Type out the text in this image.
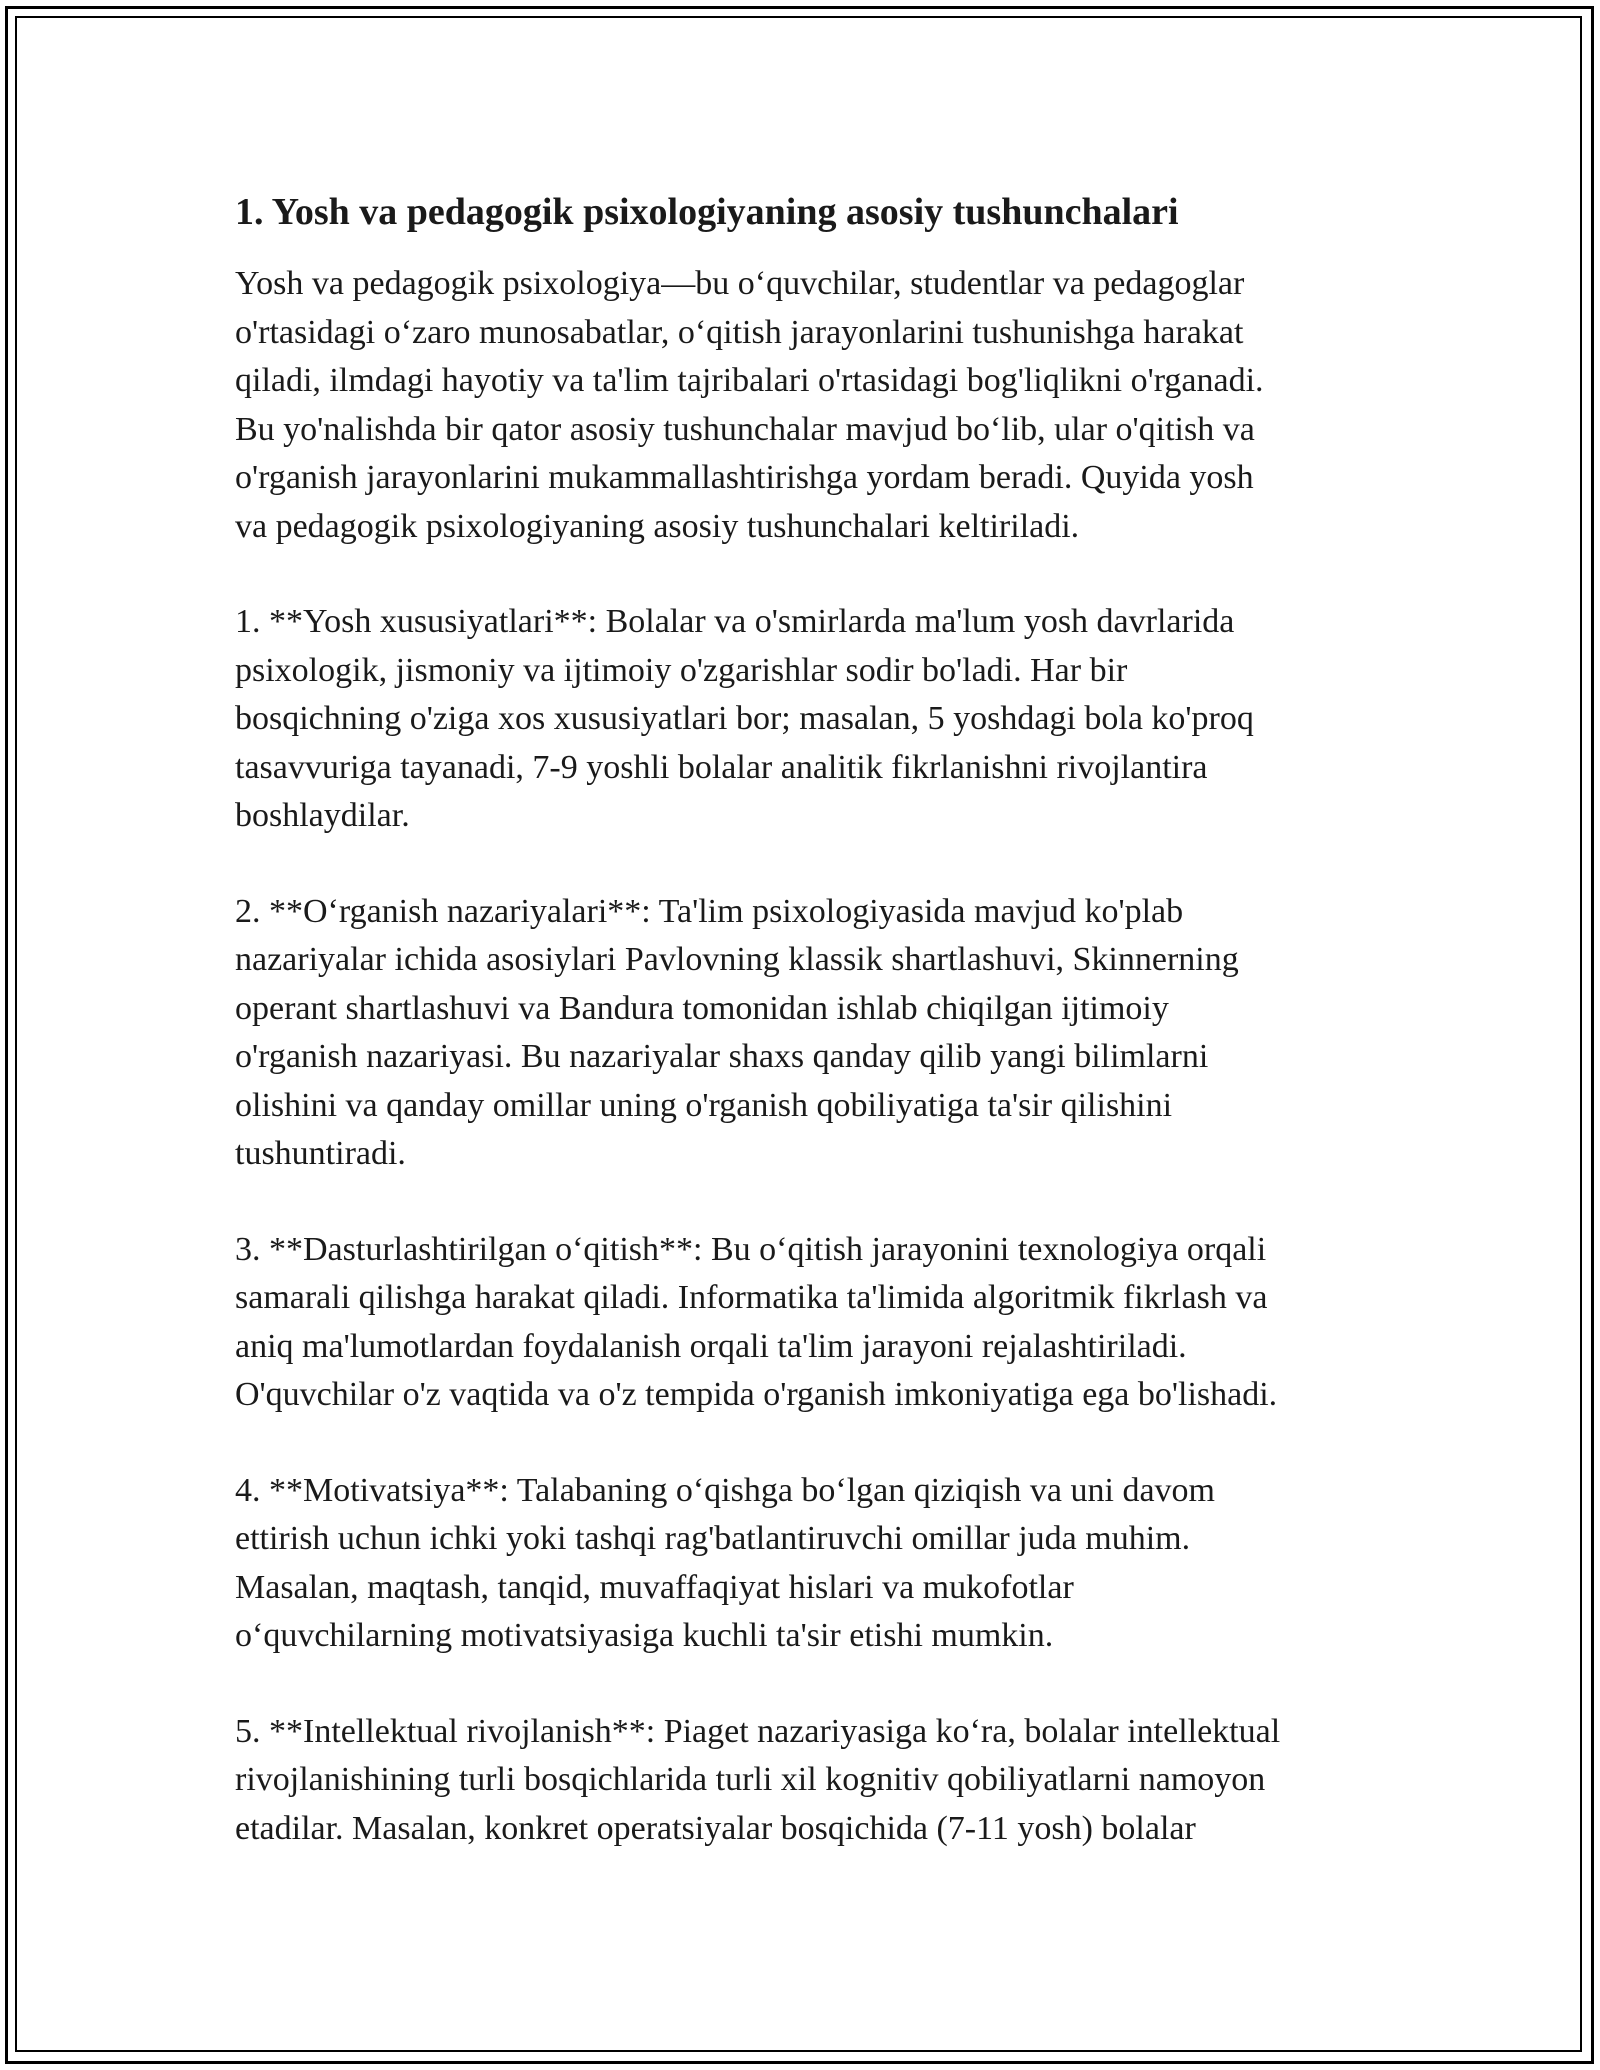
1. Yosh va pedagogik psixologiyaning asosiy tushunchalari

Yosh va pedagogik psixologiya—bu o‘quvchilar, studentlar va pedagoglar
o'rtasidagi o‘zaro munosabatlar, o‘qitish jarayonlarini tushunishga harakat
qiladi, ilmdagi hayotiy va ta'lim tajribalari o'rtasidagi bog'liqlikni o'rganadi.
Bu yo'nalishda bir qator asosiy tushunchalar mavjud bo‘lib, ular o'qitish va
o'rganish jarayonlarini mukammallashtirishga yordam beradi. Quyida yosh
va pedagogik psixologiyaning asosiy tushunchalari keltiriladi.

1. **Yosh xususiyatlari**: Bolalar va o'smirlarda ma'lum yosh davrlarida
psixologik, jismoniy va ijtimoiy o'zgarishlar sodir bo'ladi. Har bir
bosqichning o'ziga xos xususiyatlari bor; masalan, 5 yoshdagi bola ko'proq
tasavvuriga tayanadi, 7-9 yoshli bolalar analitik fikrlanishni rivojlantira
boshlaydilar.

2. **O‘rganish nazariyalari**: Ta'lim psixologiyasida mavjud ko'plab
nazariyalar ichida asosiylari Pavlovning klassik shartlashuvi, Skinnerning
operant shartlashuvi va Bandura tomonidan ishlab chiqilgan ijtimoiy
o'rganish nazariyasi. Bu nazariyalar shaxs qanday qilib yangi bilimlarni
olishini va qanday omillar uning o'rganish qobiliyatiga ta'sir qilishini
tushuntiradi.

3. **Dasturlashtirilgan o‘qitish**: Bu o‘qitish jarayonini texnologiya orqali
samarali qilishga harakat qiladi. Informatika ta'limida algoritmik fikrlash va
aniq ma'lumotlardan foydalanish orqali ta'lim jarayoni rejalashtiriladi.
O'quvchilar o'z vaqtida va o'z tempida o'rganish imkoniyatiga ega bo'lishadi.

4. **Motivatsiya**: Talabaning o‘qishga bo‘lgan qiziqish va uni davom
ettirish uchun ichki yoki tashqi rag'batlantiruvchi omillar juda muhim.
Masalan, maqtash, tanqid, muvaffaqiyat hislari va mukofotlar
o‘quvchilarning motivatsiyasiga kuchli ta'sir etishi mumkin.

5. **Intellektual rivojlanish**: Piaget nazariyasiga ko‘ra, bolalar intellektual
rivojlanishining turli bosqichlarida turli xil kognitiv qobiliyatlarni namoyon
etadilar. Masalan, konkret operatsiyalar bosqichida (7-11 yosh) bolalar
